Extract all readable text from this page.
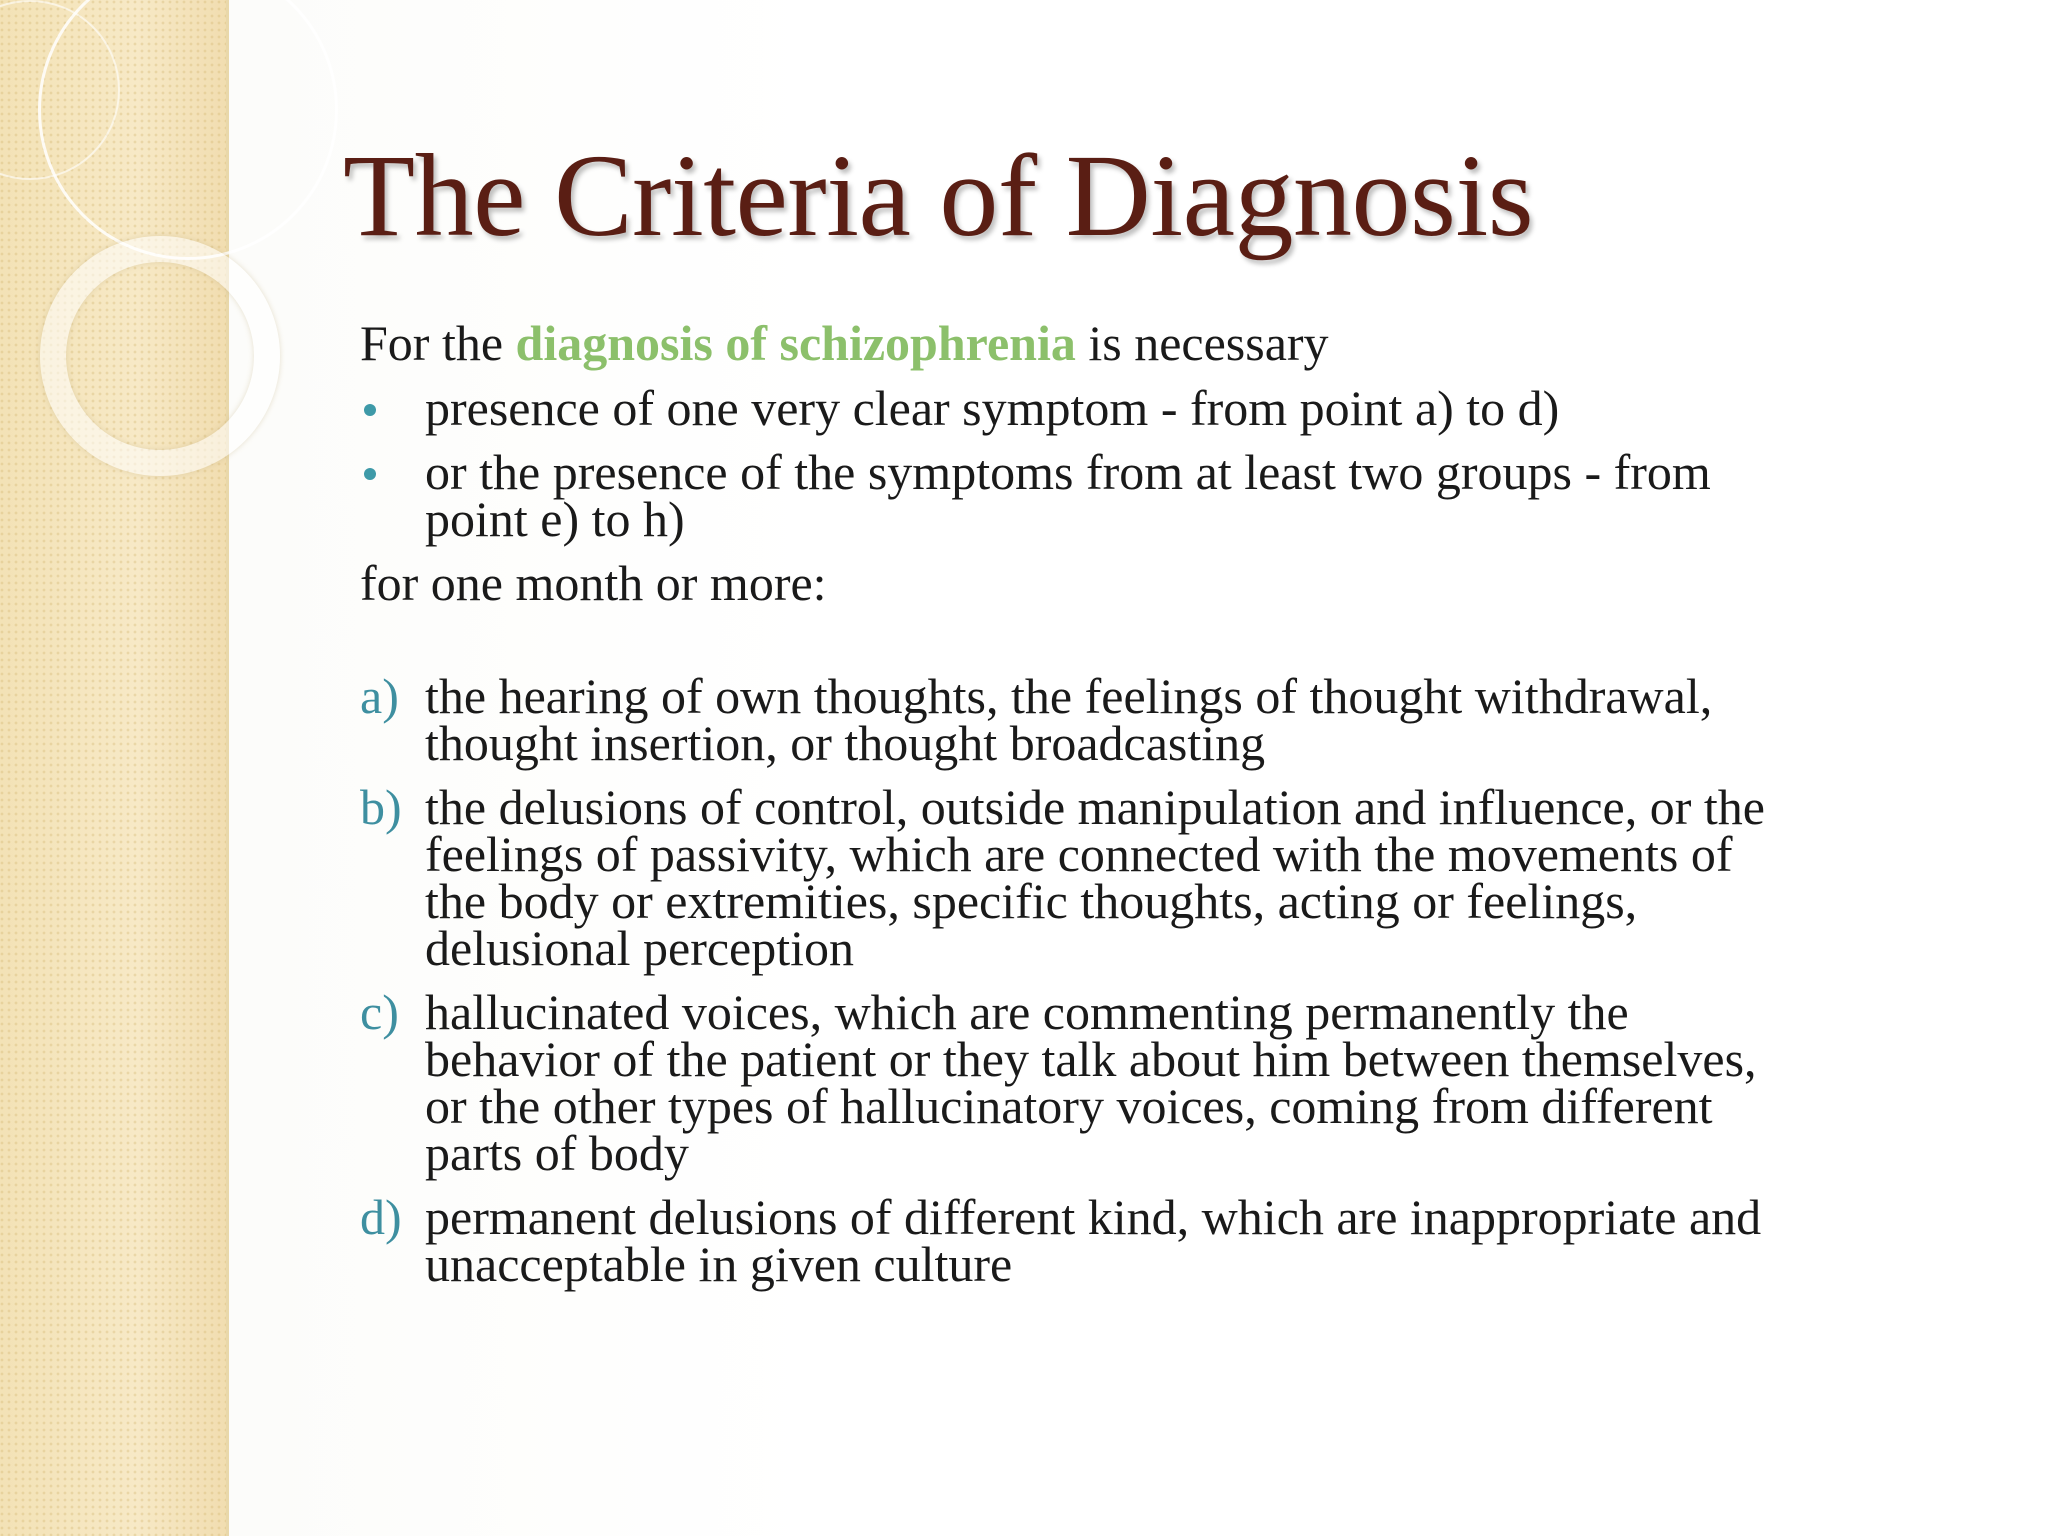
The Criteria of Diagnosis

For the diagnosis of schizophrenia is necessary

presence of one very clear symptom - from point a) to d)
or the presence of the symptoms from at least two groups - from
point e) to h)

for one month or more:

a) the hearing of own thoughts, the feelings of thought withdrawal,
thought insertion, or thought broadcasting
b) the delusions of control, outside manipulation and influence, or the
feelings of passivity, which are connected with the movements of
the body or extremities, specific thoughts, acting or feelings,
delusional perception
c) hallucinated voices, which are commenting permanently the
behavior of the patient or they talk about him between themselves,
or the other types of hallucinatory voices, coming from different
parts of body
d) permanent delusions of different kind, which are inappropriate and
unacceptable in given culture
